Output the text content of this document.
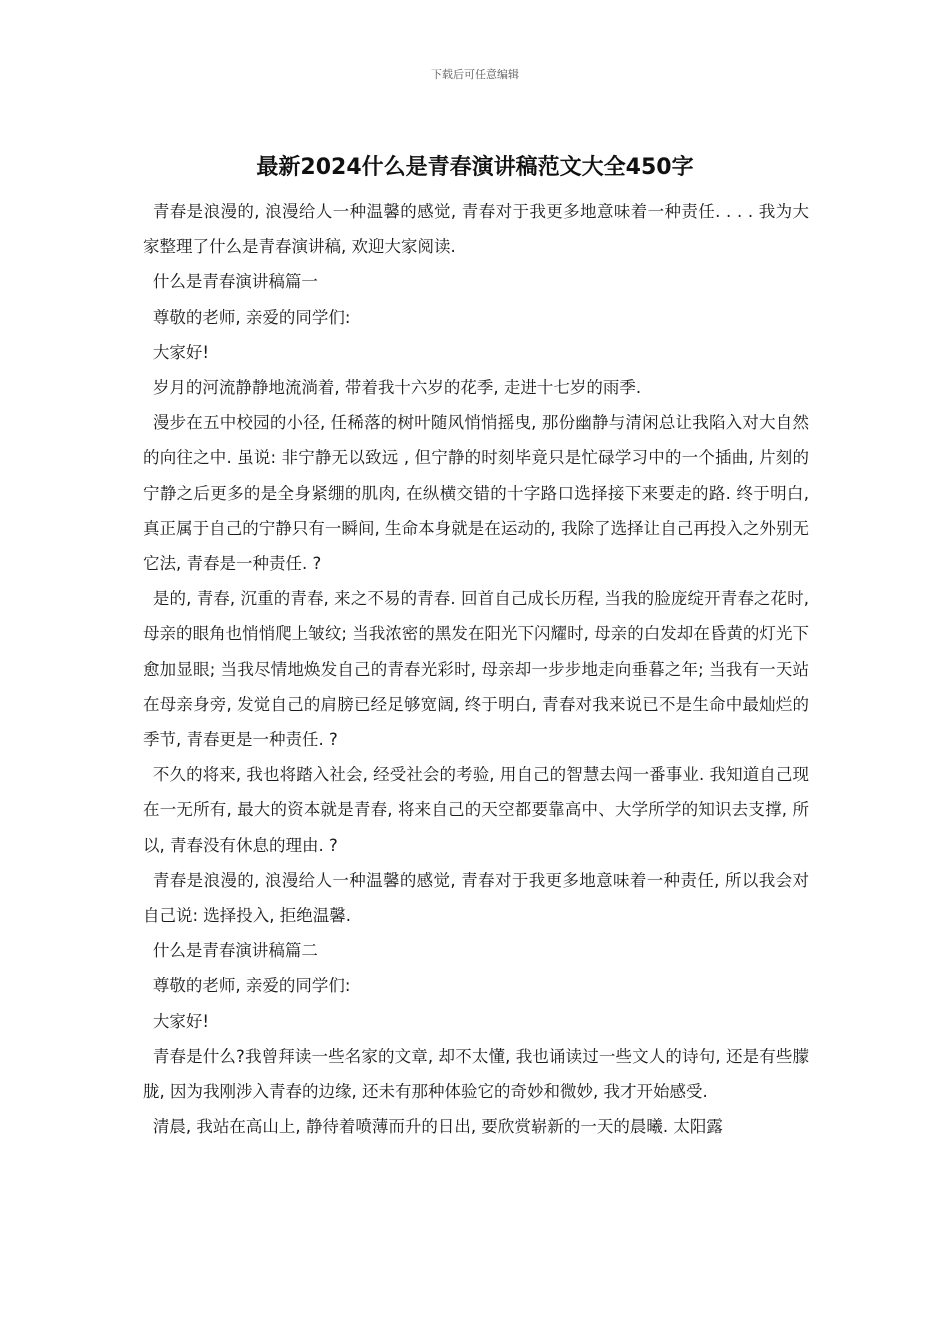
下载后可任意编辑
最新2024什么是青春演讲稿范文大全450字

青春是浪漫的, 浪漫给人一种温馨的感觉, 青春对于我更多地意味着一种责任. . . . 我为大家整理了什么是青春演讲稿, 欢迎大家阅读.

什么是青春演讲稿篇一

尊敬的老师, 亲爱的同学们:

大家好!

岁月的河流静静地流淌着, 带着我十六岁的花季, 走进十七岁的雨季.

漫步在五中校园的小径, 任稀落的树叶随风悄悄摇曳, 那份幽静与清闲总让我陷入对大自然的向往之中. 虽说: 非宁静无以致远 , 但宁静的时刻毕竟只是忙碌学习中的一个插曲, 片刻的宁静之后更多的是全身紧绷的肌肉, 在纵横交错的十字路口选择接下来要走的路. 终于明白, 真正属于自己的宁静只有一瞬间, 生命本身就是在运动的, 我除了选择让自己再投入之外别无它法, 青春是一种责任. ?

是的, 青春, 沉重的青春, 来之不易的青春. 回首自己成长历程, 当我的脸庞绽开青春之花时, 母亲的眼角也悄悄爬上皱纹; 当我浓密的黑发在阳光下闪耀时, 母亲的白发却在昏黄的灯光下愈加显眼; 当我尽情地焕发自己的青春光彩时, 母亲却一步步地走向垂暮之年; 当我有一天站在母亲身旁, 发觉自己的肩膀已经足够宽阔, 终于明白, 青春对我来说已不是生命中最灿烂的季节, 青春更是一种责任. ?

不久的将来, 我也将踏入社会, 经受社会的考验, 用自己的智慧去闯一番事业. 我知道自己现在一无所有, 最大的资本就是青春, 将来自己的天空都要靠高中、大学所学的知识去支撑, 所以, 青春没有休息的理由. ?

青春是浪漫的, 浪漫给人一种温馨的感觉, 青春对于我更多地意味着一种责任, 所以我会对自己说: 选择投入, 拒绝温馨.

什么是青春演讲稿篇二

尊敬的老师, 亲爱的同学们:

大家好!

青春是什么?我曾拜读一些名家的文章, 却不太懂, 我也诵读过一些文人的诗句, 还是有些朦胧, 因为我刚涉入青春的边缘, 还未有那种体验它的奇妙和微妙, 我才开始感受.

清晨, 我站在高山上, 静待着喷薄而升的日出, 要欣赏崭新的一天的晨曦. 太阳露
